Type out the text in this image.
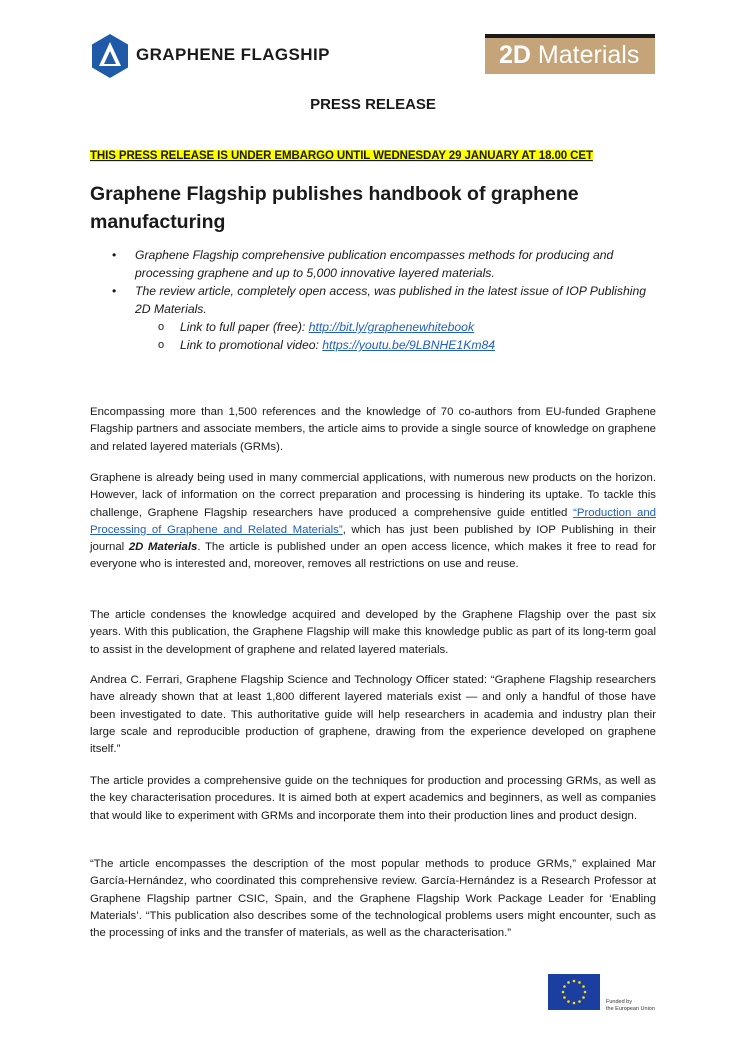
GRAPHENE FLAGSHIP	2D Materials
PRESS RELEASE
THIS PRESS RELEASE IS UNDER EMBARGO UNTIL WEDNESDAY 29 JANUARY AT 18.00 CET
Graphene Flagship publishes handbook of graphene manufacturing
• Graphene Flagship comprehensive publication encompasses methods for producing and processing graphene and up to 5,000 innovative layered materials.
• The review article, completely open access, was published in the latest issue of IOP Publishing 2D Materials.
o Link to full paper (free): http://bit.ly/graphenewhitebook
o Link to promotional video: https://youtu.be/9LBNHE1Km84

Encompassing more than 1,500 references and the knowledge of 70 co-authors from EU-funded Graphene Flagship partners and associate members, the article aims to provide a single source of knowledge on graphene and related layered materials (GRMs).

Graphene is already being used in many commercial applications, with numerous new products on the horizon. However, lack of information on the correct preparation and processing is hindering its uptake. To tackle this challenge, Graphene Flagship researchers have produced a comprehensive guide entitled “Production and Processing of Graphene and Related Materials”, which has just been published by IOP Publishing in their journal 2D Materials. The article is published under an open access licence, which makes it free to read for everyone who is interested and, moreover, removes all restrictions on use and reuse.

The article condenses the knowledge acquired and developed by the Graphene Flagship over the past six years. With this publication, the Graphene Flagship will make this knowledge public as part of its long-term goal to assist in the development of graphene and related layered materials.

Andrea C. Ferrari, Graphene Flagship Science and Technology Officer stated: “Graphene Flagship researchers have already shown that at least 1,800 different layered materials exist — and only a handful of those have been investigated to date. This authoritative guide will help researchers in academia and industry plan their large scale and reproducible production of graphene, drawing from the experience developed on graphene itself.”

The article provides a comprehensive guide on the techniques for production and processing GRMs, as well as the key characterisation procedures. It is aimed both at expert academics and beginners, as well as companies that would like to experiment with GRMs and incorporate them into their production lines and product design.

“The article encompasses the description of the most popular methods to produce GRMs,” explained Mar García-Hernández, who coordinated this comprehensive review. García-Hernández is a Research Professor at Graphene Flagship partner CSIC, Spain, and the Graphene Flagship Work Package Leader for ‘Enabling Materials’. “This publication also describes some of the technological problems users might encounter, such as the processing of inks and the transfer of materials, as well as the characterisation.”

Funded by
the European Union
